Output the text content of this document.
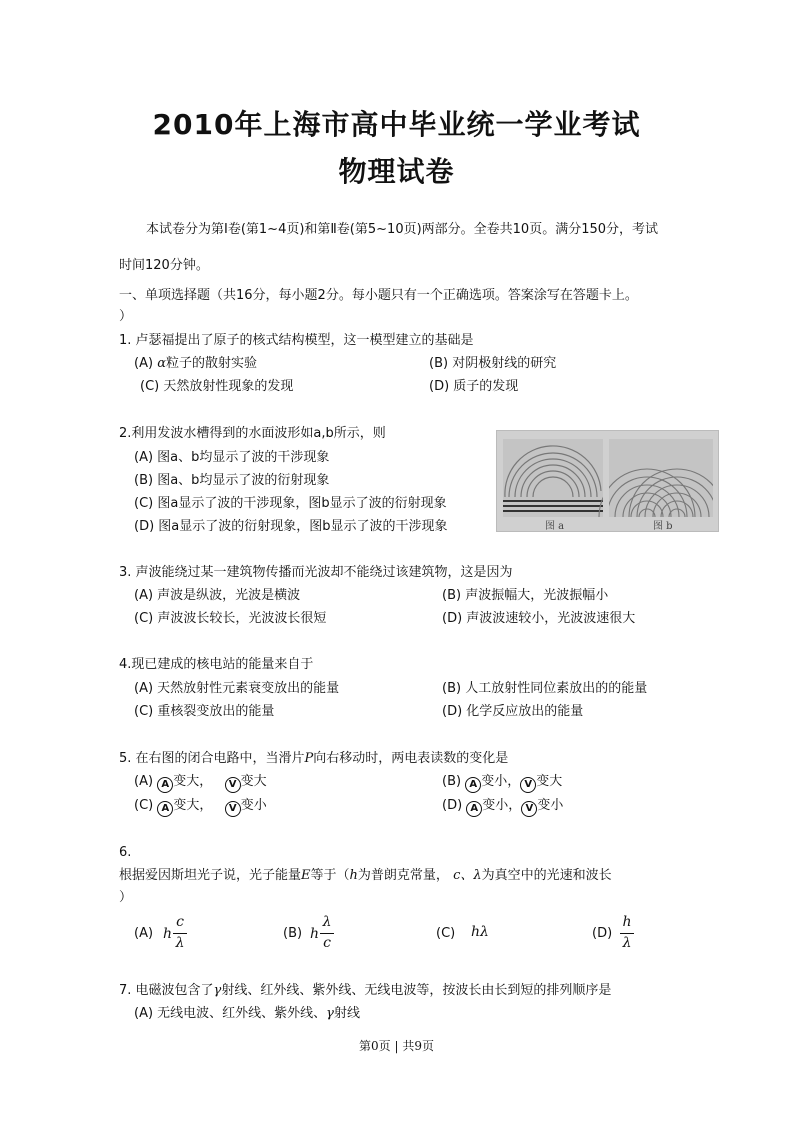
2010年上海市高中毕业统一学业考试
物理试卷
本试卷分为第Ⅰ卷(第1~4页)和第Ⅱ卷(第5~10页)两部分。全卷共10页。满分150分，考试
时间120分钟。
一、单项选择题（共16分，每小题2分。每小题只有一个正确选项。答案涂写在答题卡上。
）
1. 卢瑟福提出了原子的核式结构模型，这一模型建立的基础是
(A) α粒子的散射实验	(B) 对阴极射线的研究
(C) 天然放射性现象的发现	(D) 质子的发现
2.利用发波水槽得到的水面波形如a,b所示，则
(A) 图a、b均显示了波的干涉现象
(B) 图a、b均显示了波的衍射现象
(C) 图a显示了波的干涉现象，图b显示了波的衍射现象
(D) 图a显示了波的衍射现象，图b显示了波的干涉现象	图 a	图 b
3. 声波能绕过某一建筑物传播而光波却不能绕过该建筑物，这是因为
(A) 声波是纵波，光波是横波	(B) 声波振幅大，光波振幅小
(C) 声波波长较长，光波波长很短	(D) 声波波速较小，光波波速很大
4.现已建成的核电站的能量来自于
(A) 天然放射性元素衰变放出的能量	(B) 人工放射性同位素放出的的能量
(C) 重核裂变放出的能量	(D) 化学反应放出的能量
5. 在右图的闭合电路中，当滑片P向右移动时，两电表读数的变化是
(A) A 变大， V 变大	(B) A 变小， V 变大
(C) A 变大， V 变小	(D) A 变小， V 变小
6.
根据爱因斯坦光子说，光子能量E等于（h为普朗克常量， c、λ为真空中的光速和波长
）
(A) h
c
λ
(B) h
λ
c
(C) hλ	(D)
h
λ
7. 电磁波包含了γ射线、红外线、紫外线、无线电波等，按波长由长到短的排列顺序是
(A) 无线电波、红外线、紫外线、γ射线
第0页 | 共9页
